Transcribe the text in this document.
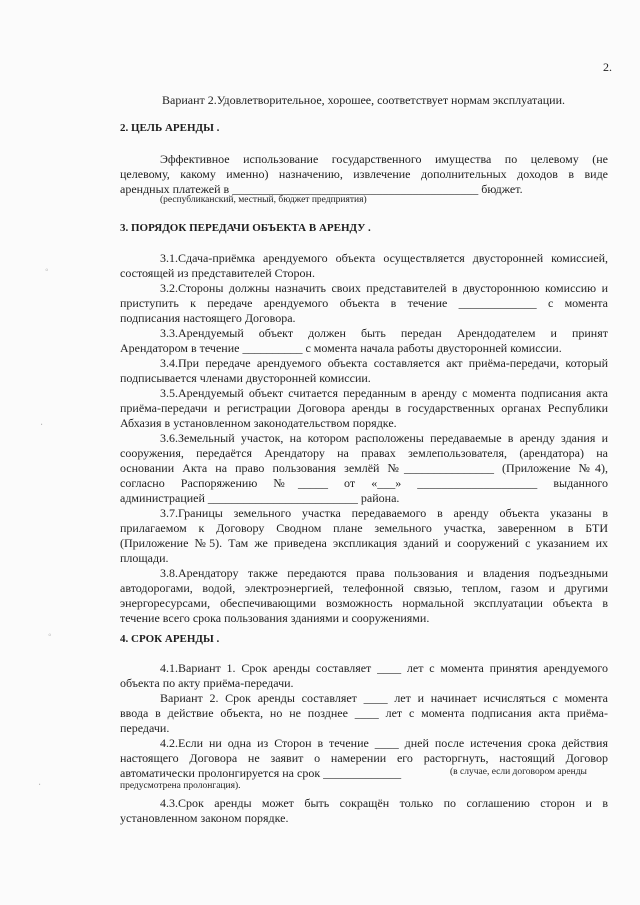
2.
Вариант 2.Удовлетворительное, хорошее, соответствует нормам эксплуатации.
2. ЦЕЛЬ АРЕНДЫ .
Эффективное использование государственного имущества по целевому (не
целевому, какому именно) назначению, извлечение дополнительных доходов в виде
арендных платежей в _________________________________________ бюджет.
(республиканский, местный, бюджет предприятия)
3. ПОРЯДОК ПЕРЕДАЧИ ОБЪЕКТА В АРЕНДУ .
3.1.Сдача-приёмка арендуемого объекта осуществляется двусторонней комиссией,
состоящей из представителей Сторон.
3.2.Стороны должны назначить своих представителей в двустороннюю комиссию и
приступить к передаче арендуемого объекта в течение _____________ с момента
подписания настоящего Договора.
3.3.Арендуемый объект должен быть передан Арендодателем и принят
Арендатором в течение __________ с момента начала работы двусторонней комиссии.
3.4.При передаче арендуемого объекта составляется акт приёма-передачи, который
подписывается членами двусторонней комиссии.
3.5.Арендуемый объект считается переданным в аренду с момента подписания акта
приёма-передачи и регистрации Договора аренды в государственных органах Республики
Абхазия в установленном законодательством порядке.
3.6.Земельный участок, на котором расположены передаваемые в аренду здания и
сооружения, передаётся Арендатору на правах землепользователя, (арендатора) на
основании Акта на право пользования землёй №_______________ (Приложение №4),
согласно Распоряжению №_____ от «___» ____________________ выданного
администрацией _________________________ района.
3.7.Границы земельного участка передаваемого в аренду объекта указаны в
прилагаемом к Договору Сводном плане земельного участка, заверенном в БТИ
(Приложение №5). Там же приведена экспликация зданий и сооружений с указанием их
площади.
3.8.Арендатору также передаются права пользования и владения подъездными
автодорогами, водой, электроэнергией, телефонной связью, теплом, газом и другими
энергоресурсами, обеспечивающими возможность нормальной эксплуатации объекта в
течение всего срока пользования зданиями и сооружениями.
4. СРОК АРЕНДЫ .
4.1.Вариант 1. Срок аренды составляет ____ лет с момента принятия арендуемого
объекта по акту приёма-передачи.
Вариант 2. Срок аренды составляет ____ лет и начинает исчисляться с момента
ввода в действие объекта, но не позднее ____ лет с момента подписания акта приёма-
передачи.
4.2.Если ни одна из Сторон в течение ____ дней после истечения срока действия
настоящего Договора не заявит о намерении его расторгнуть, настоящий Договор
автоматически пролонгируется на срок _____________	(в случае, если договором аренды
предусмотрена пролонгация).
4.3.Срок аренды может быть сокращён только по соглашению сторон и в
установленном законом порядке.
◦
‧
◦
‧
